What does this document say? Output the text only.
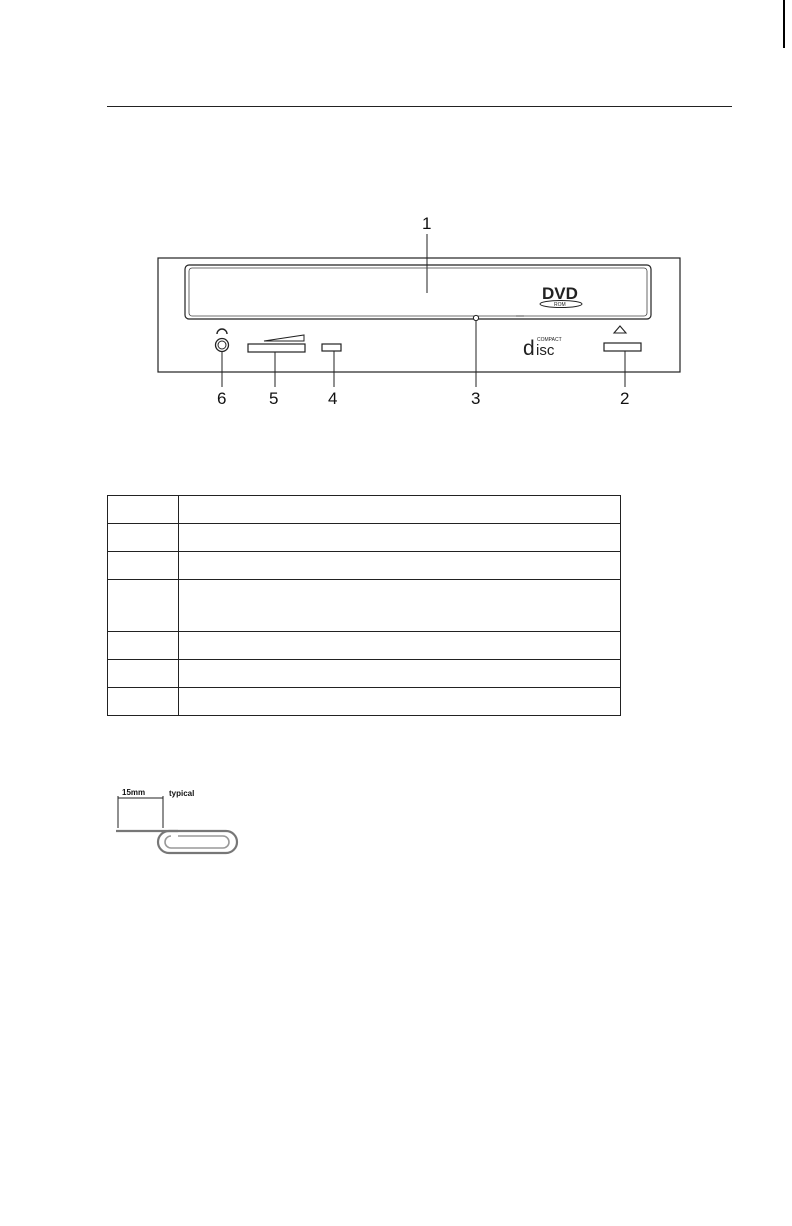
1
DVD
ROM
COMPACT
d isc
6	5	4	3	2

15mm	typical
